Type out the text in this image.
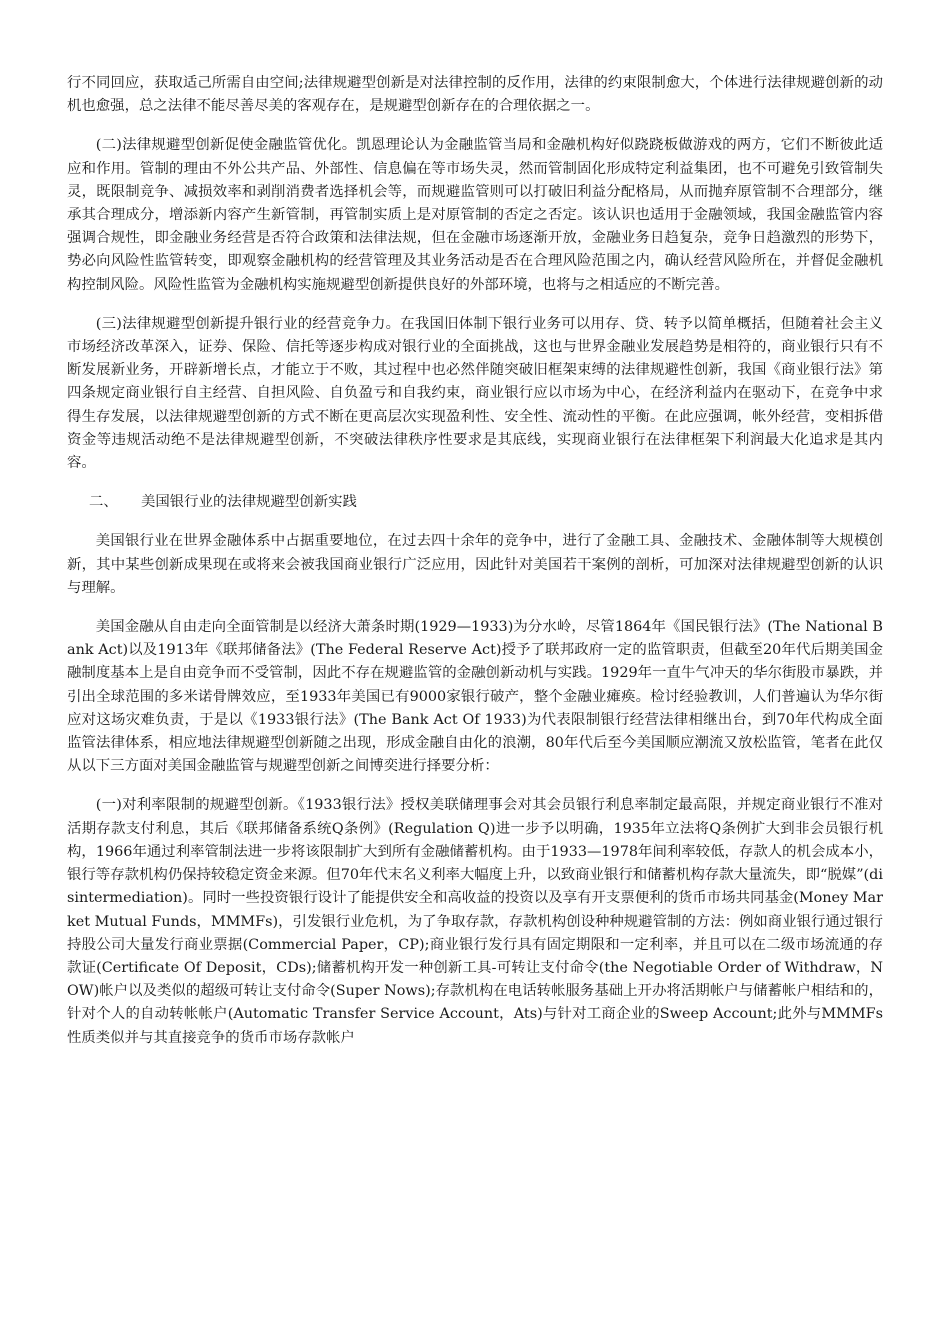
行不同回应，获取适己所需自由空间;法律规避型创新是对法律控制的反作用，法律的约束限制愈大，个体进行法律规避创新的动机也愈强，总之法律不能尽善尽美的客观存在，是规避型创新存在的合理依据之一。

(二)法律规避型创新促使金融监管优化。凯恩理论认为金融监管当局和金融机构好似跷跷板做游戏的两方，它们不断彼此适应和作用。管制的理由不外公共产品、外部性、信息偏在等市场失灵，然而管制固化形成特定利益集团，也不可避免引致管制失灵，既限制竞争、减损效率和剥削消费者选择机会等，而规避监管则可以打破旧利益分配格局，从而抛弃原管制不合理部分，继承其合理成分，增添新内容产生新管制，再管制实质上是对原管制的否定之否定。该认识也适用于金融领域，我国金融监管内容强调合规性，即金融业务经营是否符合政策和法律法规，但在金融市场逐渐开放，金融业务日趋复杂，竞争日趋激烈的形势下，势必向风险性监管转变，即观察金融机构的经营管理及其业务活动是否在合理风险范围之内，确认经营风险所在，并督促金融机构控制风险。风险性监管为金融机构实施规避型创新提供良好的外部环境，也将与之相适应的不断完善。

(三)法律规避型创新提升银行业的经营竞争力。在我国旧体制下银行业务可以用存、贷、转予以简单概括，但随着社会主义市场经济改革深入，证券、保险、信托等逐步构成对银行业的全面挑战，这也与世界金融业发展趋势是相符的，商业银行只有不断发展新业务，开辟新增长点，才能立于不败，其过程中也必然伴随突破旧框架束缚的法律规避性创新，我国《商业银行法》第四条规定商业银行自主经营、自担风险、自负盈亏和自我约束，商业银行应以市场为中心，在经济利益内在驱动下，在竞争中求得生存发展，以法律规避型创新的方式不断在更高层次实现盈利性、安全性、流动性的平衡。在此应强调，帐外经营，变相拆借资金等违规活动绝不是法律规避型创新，不突破法律秩序性要求是其底线，实现商业银行在法律框架下利润最大化追求是其内容。

二、 美国银行业的法律规避型创新实践

美国银行业在世界金融体系中占据重要地位，在过去四十余年的竞争中，进行了金融工具、金融技术、金融体制等大规模创新，其中某些创新成果现在或将来会被我国商业银行广泛应用，因此针对美国若干案例的剖析，可加深对法律规避型创新的认识与理解。

美国金融从自由走向全面管制是以经济大萧条时期(1929—1933)为分水岭，尽管1864年《国民银行法》(The National Bank Act)以及1913年《联邦储备法》(The Federal Reserve Act)授予了联邦政府一定的监管职责，但截至20年代后期美国金融制度基本上是自由竞争而不受管制，因此不存在规避监管的金融创新动机与实践。1929年一直牛气冲天的华尔街股市暴跌，并引出全球范围的多米诺骨牌效应，至1933年美国已有9000家银行破产，整个金融业瘫痪。检讨经验教训，人们普遍认为华尔街应对这场灾难负责，于是以《1933银行法》(The Bank Act Of 1933)为代表限制银行经营法律相继出台，到70年代构成全面监管法律体系，相应地法律规避型创新随之出现，形成金融自由化的浪潮，80年代后至今美国顺应潮流又放松监管，笔者在此仅从以下三方面对美国金融监管与规避型创新之间博奕进行择要分析：

(一)对利率限制的规避型创新。《1933银行法》授权美联储理事会对其会员银行利息率制定最高限，并规定商业银行不准对活期存款支付利息，其后《联邦储备系统Q条例》(Regulation Q)进一步予以明确，1935年立法将Q条例扩大到非会员银行机构，1966年通过利率管制法进一步将该限制扩大到所有金融储蓄机构。由于1933—1978年间利率较低，存款人的机会成本小，银行等存款机构仍保持较稳定资金来源。但70年代末名义利率大幅度上升，以致商业银行和储蓄机构存款大量流失，即“脱媒”(disintermediation)。同时一些投资银行设计了能提供安全和高收益的投资以及享有开支票便利的货币市场共同基金(Money Market Mutual Funds，MMMFs)，引发银行业危机，为了争取存款，存款机构创设种种规避管制的方法：例如商业银行通过银行持股公司大量发行商业票据(Commercial Paper，CP);商业银行发行具有固定期限和一定利率，并且可以在二级市场流通的存款证(Certificate Of Deposit，CDs);储蓄机构开发一种创新工具-可转让支付命令(the Negotiable Order of Withdraw，NOW)帐户以及类似的超级可转让支付命令(Super Nows);存款机构在电话转帐服务基础上开办将活期帐户与储蓄帐户相结和的，针对个人的自动转帐帐户(Automatic Transfer Service Account，Ats)与针对工商企业的Sweep Account;此外与MMMFs性质类似并与其直接竞争的货币市场存款帐户
